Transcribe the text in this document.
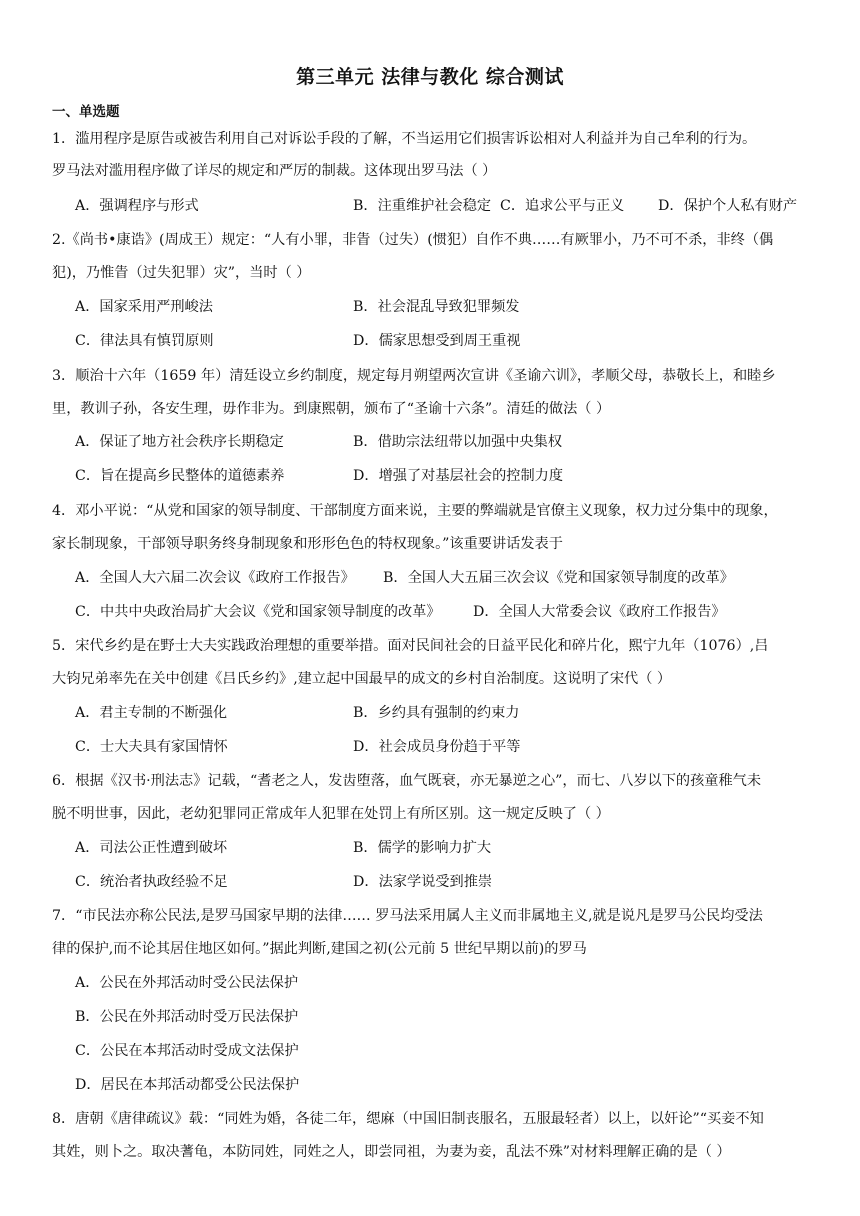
第三单元 法律与教化 综合测试
一、单选题
1．滥用程序是原告或被告利用自己对诉讼手段的了解，不当运用它们损害诉讼相对人利益并为自己牟利的行为。
罗马法对滥用程序做了详尽的规定和严厉的制裁。这体现出罗马法（ ）
A．强调程序与形式	B．注重维护社会稳定 C．追求公平与正义 D．保护个人私有财产
2.《尚书•康诰》(周成王）规定：“人有小罪，非眚（过失）(惯犯）自作不典……有厥罪小，乃不可不杀，非终（偶
犯)，乃惟眚（过失犯罪）灾”，当时（ ）
A．国家采用严刑峻法	B．社会混乱导致犯罪频发
C．律法具有慎罚原则	D．儒家思想受到周王重视
3．顺治十六年（1659 年）清廷设立乡约制度，规定每月朔望两次宣讲《圣谕六训》，孝顺父母，恭敬长上，和睦乡
里，教训子孙，各安生理，毋作非为。到康熙朝，颁布了“圣谕十六条”。清廷的做法（ ）
A．保证了地方社会秩序长期稳定	B．借助宗法纽带以加强中央集权
C．旨在提高乡民整体的道德素养	D．增强了对基层社会的控制力度
4．邓小平说：“从党和国家的领导制度、干部制度方面来说，主要的弊端就是官僚主义现象，权力过分集中的现象，
家长制现象，干部领导职务终身制现象和形形色色的特权现象。”该重要讲话发表于
A．全国人大六届二次会议《政府工作报告》 B．全国人大五届三次会议《党和国家领导制度的改革》
C．中共中央政治局扩大会议《党和国家领导制度的改革》 D．全国人大常委会议《政府工作报告》
5．宋代乡约是在野士大夫实践政治理想的重要举措。面对民间社会的日益平民化和碎片化，熙宁九年（1076）,吕
大钧兄弟率先在关中创建《吕氏乡约》,建立起中国最早的成文的乡村自治制度。这说明了宋代（ ）
A．君主专制的不断强化	B．乡约具有强制的约束力
C．士大夫具有家国情怀	D．社会成员身份趋于平等
6．根据《汉书·刑法志》记载，“耆老之人，发齿堕落，血气既衰，亦无暴逆之心”，而七、八岁以下的孩童稚气未
脱不明世事，因此，老幼犯罪同正常成年人犯罪在处罚上有所区别。这一规定反映了（ ）
A．司法公正性遭到破坏	B．儒学的影响力扩大
C．统治者执政经验不足	D．法家学说受到推崇
7．“市民法亦称公民法,是罗马国家早期的法律…… 罗马法采用属人主义而非属地主义,就是说凡是罗马公民均受法
律的保护,而不论其居住地区如何。”据此判断,建国之初(公元前 5 世纪早期以前)的罗马
A．公民在外邦活动时受公民法保护
B．公民在外邦活动时受万民法保护
C．公民在本邦活动时受成文法保护
D．居民在本邦活动都受公民法保护
8．唐朝《唐律疏议》载：“同姓为婚，各徒二年，缌麻（中国旧制丧服名，五服最轻者）以上，以奸论”“买妾不知
其姓，则卜之。取决蓍龟，本防同姓，同姓之人，即尝同祖，为妻为妾，乱法不殊”对材料理解正确的是（ ）
